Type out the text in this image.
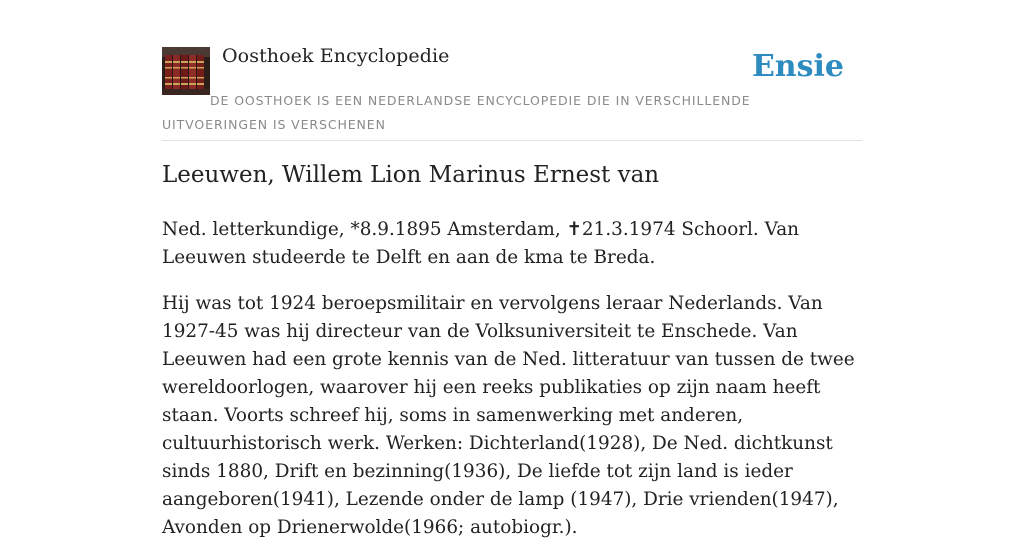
Oosthoek Encyclopedie	Ensie
DE OOSTHOEK IS EEN NEDERLANDSE ENCYCLOPEDIE DIE IN VERSCHILLENDE UITVOERINGEN IS VERSCHENEN
Leeuwen, Willem Lion Marinus Ernest van

Ned. letterkundige, *8.9.1895 Amsterdam, ✝21.3.1974 Schoorl. Van Leeuwen studeerde te Delft en aan de kma te Breda.

Hij was tot 1924 beroepsmilitair en vervolgens leraar Nederlands. Van 1927-45 was hij directeur van de Volksuniversiteit te Enschede. Van Leeuwen had een grote kennis van de Ned. litteratuur van tussen de twee wereldoorlogen, waarover hij een reeks publikaties op zijn naam heeft staan. Voorts schreef hij, soms in samenwerking met anderen, cultuurhistorisch werk. Werken: Dichterland(1928), De Ned. dichtkunst sinds 1880, Drift en bezinning(1936), De liefde tot zijn land is ieder aangeboren(1941), Lezende onder de lamp (1947), Drie vrienden(1947), Avonden op Drienerwolde(1966; autobiogr.).
